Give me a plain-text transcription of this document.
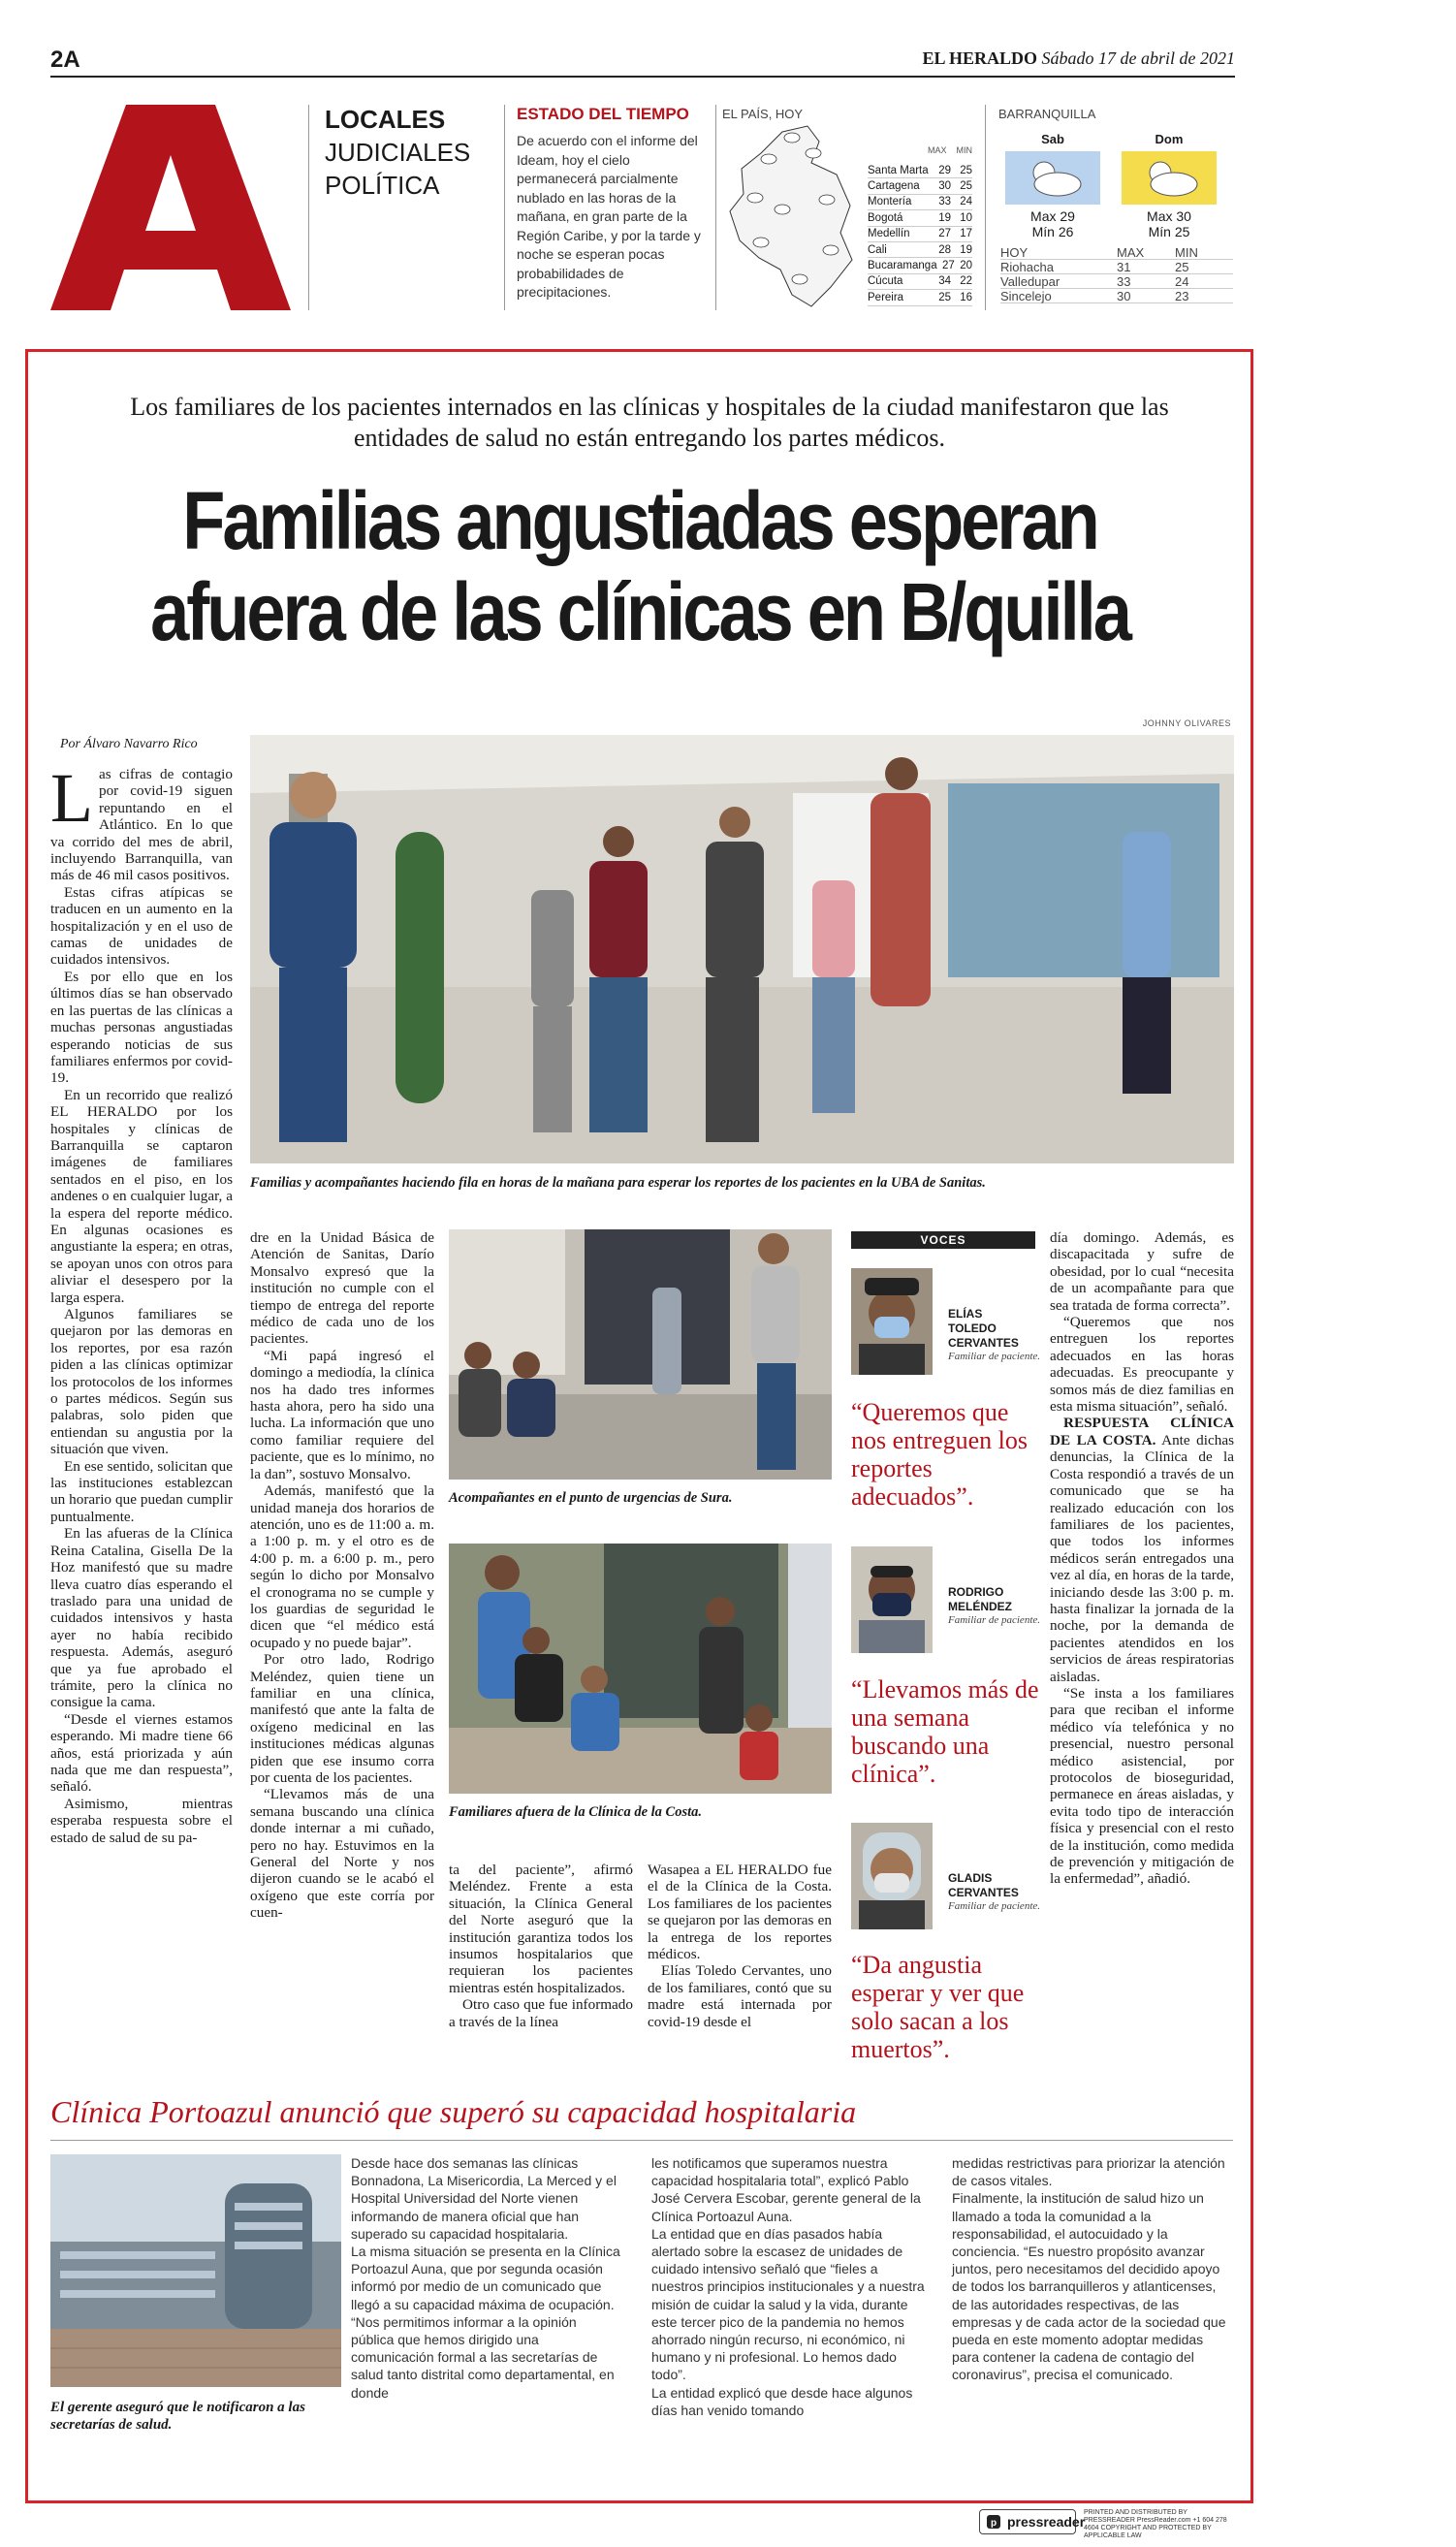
2A	EL HERALDO Sábado 17 de abril de 2021
A
LOCALES
JUDICIALES
POLÍTICA
ESTADO DEL TIEMPO
De acuerdo con el informe del Ideam, hoy el cielo permanecerá parcialmente nublado en las horas de la mañana, en gran parte de la Región Caribe, y por la tarde y noche se esperan pocas probabilidades de precipitaciones.
EL PAÍS, HOY
MAX MIN
Santa Marta 29 25
Cartagena	30 25
Montería	33 24
Bogotá	19 10
Medellín	27 17
Cali	28 19
Bucaramanga 27 20
Cúcuta	34 22
Pereira	25 16
BARRANQUILLA
Sab	Dom
Max 29
Mín 26
Max 30
Mín 25
HOY	MAX	MIN
Riohacha	31	25
Valledupar	33	24
Sincelejo	30	23
Los familiares de los pacientes internados en las clínicas y hospitales de la ciudad manifestaron que las entidades de salud no están entregando los partes médicos.
Familias angustiadas esperan afuera de las clínicas en B/quilla
JOHNNY OLIVARES
Por Álvaro Navarro Rico

Las cifras de contagio por covid-19 siguen repuntando en el Atlántico. En lo que va corrido del mes de abril, incluyendo Barranquilla, van más de 46 mil casos positivos.

Estas cifras atípicas se traducen en un aumento en la hospitalización y en el uso de camas de unidades de cuidados intensivos.

Es por ello que en los últimos días se han observado en las puertas de las clínicas a muchas personas angustiadas esperando noticias de sus familiares enfermos por covid-19.

En un recorrido que realizó EL HERALDO por los hospitales y clínicas de Barranquilla se captaron imágenes de familiares sentados en el piso, en los andenes o en cualquier lugar, a la espera del reporte médico. En algunas ocasiones es angustiante la espera; en otras, se apoyan unos con otros para aliviar el desespero por la larga espera.

Algunos familiares se quejaron por las demoras en los reportes, por esa razón piden a las clínicas optimizar los protocolos de los informes o partes médicos. Según sus palabras, solo piden que entiendan su angustia por la situación que viven.

En ese sentido, solicitan que las instituciones establezcan un horario que puedan cumplir puntualmente.

En las afueras de la Clínica Reina Catalina, Gisella De la Hoz manifestó que su madre lleva cuatro días esperando el traslado para una unidad de cuidados intensivos y hasta ayer no había recibido respuesta. Además, aseguró que ya fue aprobado el trámite, pero la clínica no consigue la cama.

“Desde el viernes estamos esperando. Mi madre tiene 66 años, está priorizada y aún nada que me dan respuesta”, señaló.

Asimismo, mientras esperaba respuesta sobre el estado de salud de su pa-

Familias y acompañantes haciendo fila en horas de la mañana para esperar los reportes de los pacientes en la UBA de Sanitas.

dre en la Unidad Básica de Atención de Sanitas, Darío Monsalvo expresó que la institución no cumple con el tiempo de entrega del reporte médico de cada uno de los pacientes.

“Mi papá ingresó el domingo a mediodía, la clínica nos ha dado tres informes hasta ahora, pero ha sido una lucha. La información que uno como familiar requiere del paciente, que es lo mínimo, no la dan”, sostuvo Monsalvo.

Además, manifestó que la unidad maneja dos horarios de atención, uno es de 11:00 a. m. a 1:00 p. m. y el otro es de 4:00 p. m. a 6:00 p. m., pero según lo dicho por Monsalvo el cronograma no se cumple y los guardias de seguridad le dicen que “el médico está ocupado y no puede bajar”.

Por otro lado, Rodrigo Meléndez, quien tiene un familiar en una clínica, manifestó que ante la falta de oxígeno medicinal en las instituciones médicas algunas piden que ese insumo corra por cuenta de los pacientes.

“Llevamos más de una semana buscando una clínica donde internar a mi cuñado, pero no hay. Estuvimos en la General del Norte y nos dijeron cuando se le acabó el oxígeno que este corría por cuen-

Acompañantes en el punto de urgencias de Sura.
Familiares afuera de la Clínica de la Costa.

ta del paciente”, afirmó Meléndez. Frente a esta situación, la Clínica General del Norte aseguró que la institución garantiza todos los insumos hospitalarios que requieran los pacientes mientras estén hospitalizados.

Otro caso que fue informado a través de la línea

Wasapea a EL HERALDO fue el de la Clínica de la Costa. Los familiares de los pacientes se quejaron por las demoras en la entrega de los reportes médicos.

Elías Toledo Cervantes, uno de los familiares, contó que su madre está internada por covid-19 desde el

VOCES
ELÍAS
TOLEDO
CERVANTES
Familiar de paciente.
“Queremos que nos entreguen los reportes adecuados”.
RODRIGO
MELÉNDEZ
Familiar de paciente.
“Llevamos más de una semana buscando una clínica”.
GLADIS
CERVANTES
Familiar de paciente.
“Da angustia esperar y ver que solo sacan a los muertos”.

día domingo. Además, es discapacitada y sufre de obesidad, por lo cual “necesita de un acompañante para que sea tratada de forma correcta”.

“Queremos que nos entreguen los reportes adecuados en las horas adecuadas. Es preocupante y somos más de diez familias en esta misma situación”, señaló.

RESPUESTA CLÍNICA DE LA COSTA. Ante dichas denuncias, la Clínica de la Costa respondió a través de un comunicado que se ha realizado educación con los familiares de los pacientes, que todos los informes médicos serán entregados una vez al día, en horas de la tarde, iniciando desde las 3:00 p. m. hasta finalizar la jornada de la noche, por la demanda de pacientes atendidos en los servicios de áreas respiratorias aisladas.

“Se insta a los familiares para que reciban el informe médico vía telefónica y no presencial, nuestro personal médico asistencial, por protocolos de bioseguridad, permanece en áreas aisladas, y evita todo tipo de interacción física y presencial con el resto de la institución, como medida de prevención y mitigación de la enfermedad”, añadió.

Clínica Portoazul anunció que superó su capacidad hospitalaria
El gerente aseguró que le notificaron a las secretarías de salud.

Desde hace dos semanas las clínicas Bonnadona, La Misericordia, La Merced y el Hospital Universidad del Norte vienen informando de manera oficial que han superado su capacidad hospitalaria.

La misma situación se presenta en la Clínica Portoazul Auna, que por segunda ocasión informó por medio de un comunicado que llegó a su capacidad máxima de ocupación. “Nos permitimos informar a la opinión pública que hemos dirigido una comunicación formal a las secretarías de salud tanto distrital como departamental, en donde

les notificamos que superamos nuestra capacidad hospitalaria total”, explicó Pablo José Cervera Escobar, gerente general de la Clínica Portoazul Auna.

La entidad que en días pasados había alertado sobre la escasez de unidades de cuidado intensivo señaló que “fieles a nuestros principios institucionales y a nuestra misión de cuidar la salud y la vida, durante este tercer pico de la pandemia no hemos ahorrado ningún recurso, ni económico, ni humano y ni profesional. Lo hemos dado todo”.

La entidad explicó que desde hace algunos días han venido tomando

medidas restrictivas para priorizar la atención de casos vitales.

Finalmente, la institución de salud hizo un llamado a toda la comunidad a la responsabilidad, el autocuidado y la conciencia. “Es nuestro propósito avanzar juntos, pero necesitamos del decidido apoyo de todos los barranquilleros y atlanticenses, de las autoridades respectivas, de las empresas y de cada actor de la sociedad que pueda en este momento adoptar medidas para contener la cadena de contagio del coronavirus”, precisa el comunicado.

p pressreader
PRINTED AND DISTRIBUTED BY PRESSREADER PressReader.com +1 604 278 4604 COPYRIGHT AND PROTECTED BY APPLICABLE LAW
